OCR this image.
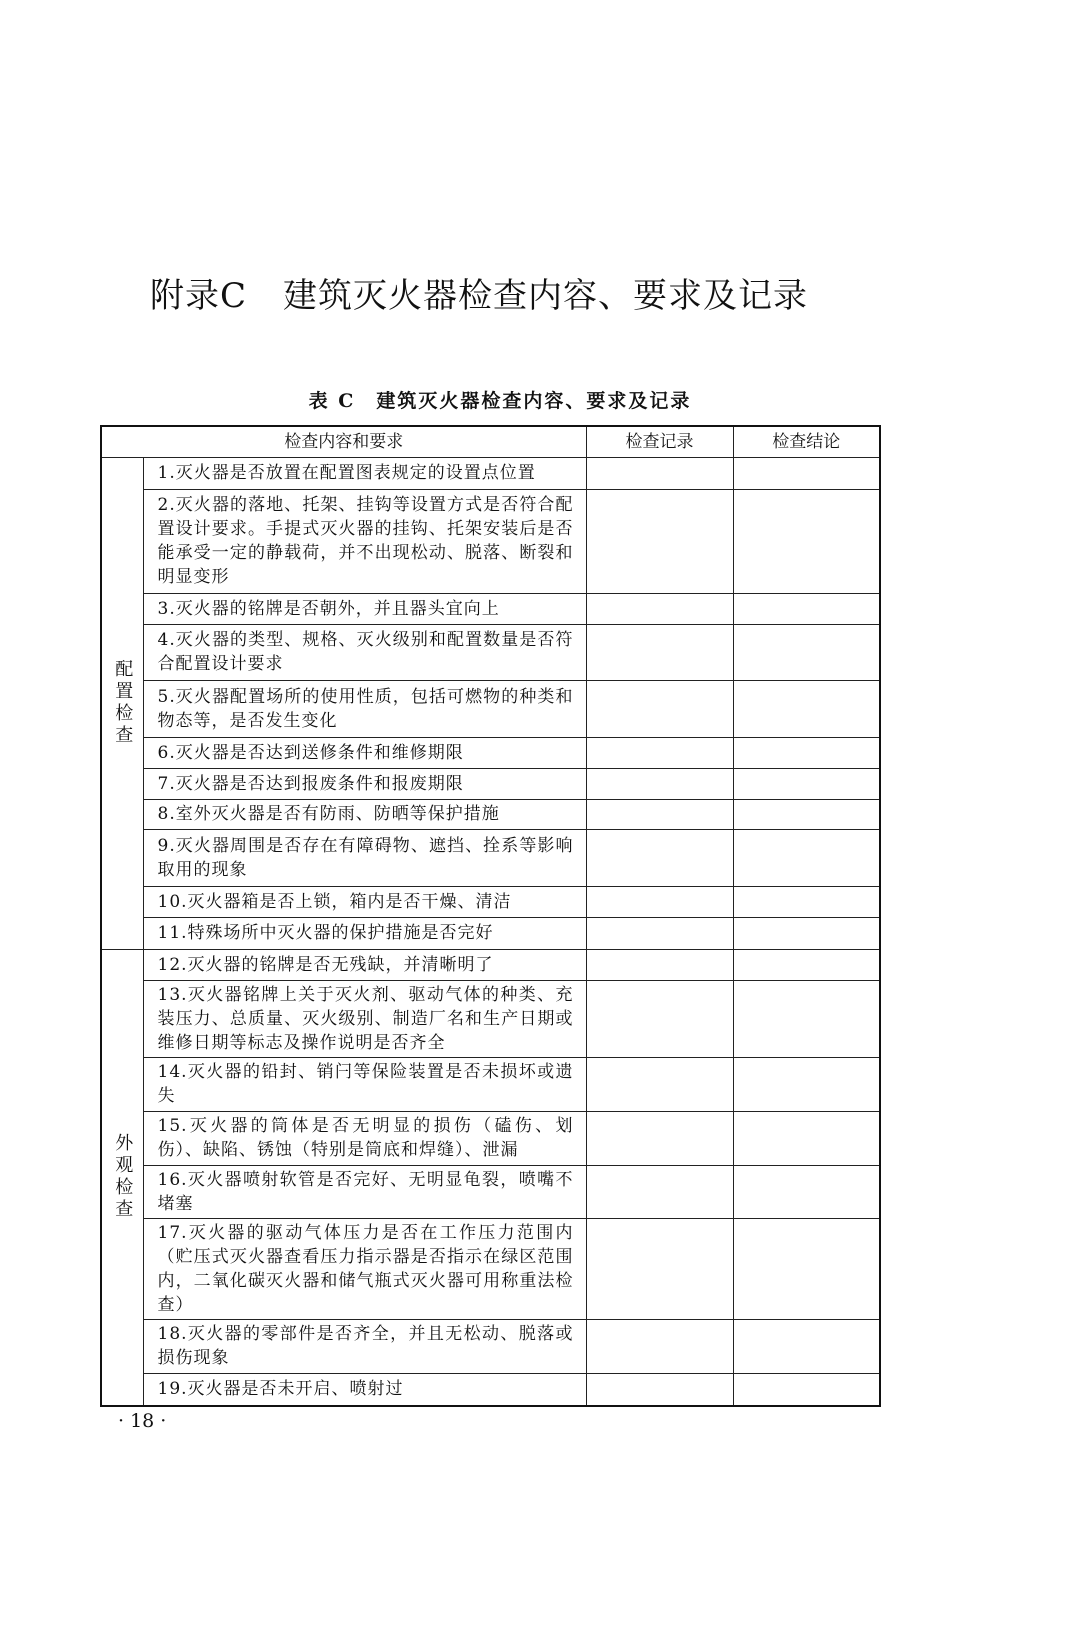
附录C 建筑灭火器检查内容、要求及记录
表 C　建筑灭火器检查内容、要求及记录
检查内容和要求		检查记录	检查结论
配置检查	1.灭火器是否放置在配置图表规定的设置点位置		
	2.灭火器的落地、托架、挂钩等设置方式是否符合配置设计要求。手提式灭火器的挂钩、托架安装后是否能承受一定的静载荷，并不出现松动、脱落、断裂和明显变形		
	3.灭火器的铭牌是否朝外，并且器头宜向上		
	4.灭火器的类型、规格、灭火级别和配置数量是否符合配置设计要求		
	5.灭火器配置场所的使用性质，包括可燃物的种类和物态等，是否发生变化		
	6.灭火器是否达到送修条件和维修期限		
	7.灭火器是否达到报废条件和报废期限		
	8.室外灭火器是否有防雨、防晒等保护措施		
	9.灭火器周围是否存在有障碍物、遮挡、拴系等影响取用的现象		
	10.灭火器箱是否上锁，箱内是否干燥、清洁		
	11.特殊场所中灭火器的保护措施是否完好		
外观检查	12.灭火器的铭牌是否无残缺，并清晰明了		
	13.灭火器铭牌上关于灭火剂、驱动气体的种类、充装压力、总质量、灭火级别、制造厂名和生产日期或维修日期等标志及操作说明是否齐全		
	14.灭火器的铅封、销闩等保险装置是否未损坏或遗失		
	15.灭火器的筒体是否无明显的损伤（磕伤、划伤）、缺陷、锈蚀（特别是筒底和焊缝）、泄漏		
	16.灭火器喷射软管是否完好、无明显龟裂，喷嘴不堵塞		
	17.灭火器的驱动气体压力是否在工作压力范围内（贮压式灭火器查看压力指示器是否指示在绿区范围内，二氧化碳灭火器和储气瓶式灭火器可用称重法检查）		
	18.灭火器的零部件是否齐全，并且无松动、脱落或损伤现象		
	19.灭火器是否未开启、喷射过		
· 18 ·
